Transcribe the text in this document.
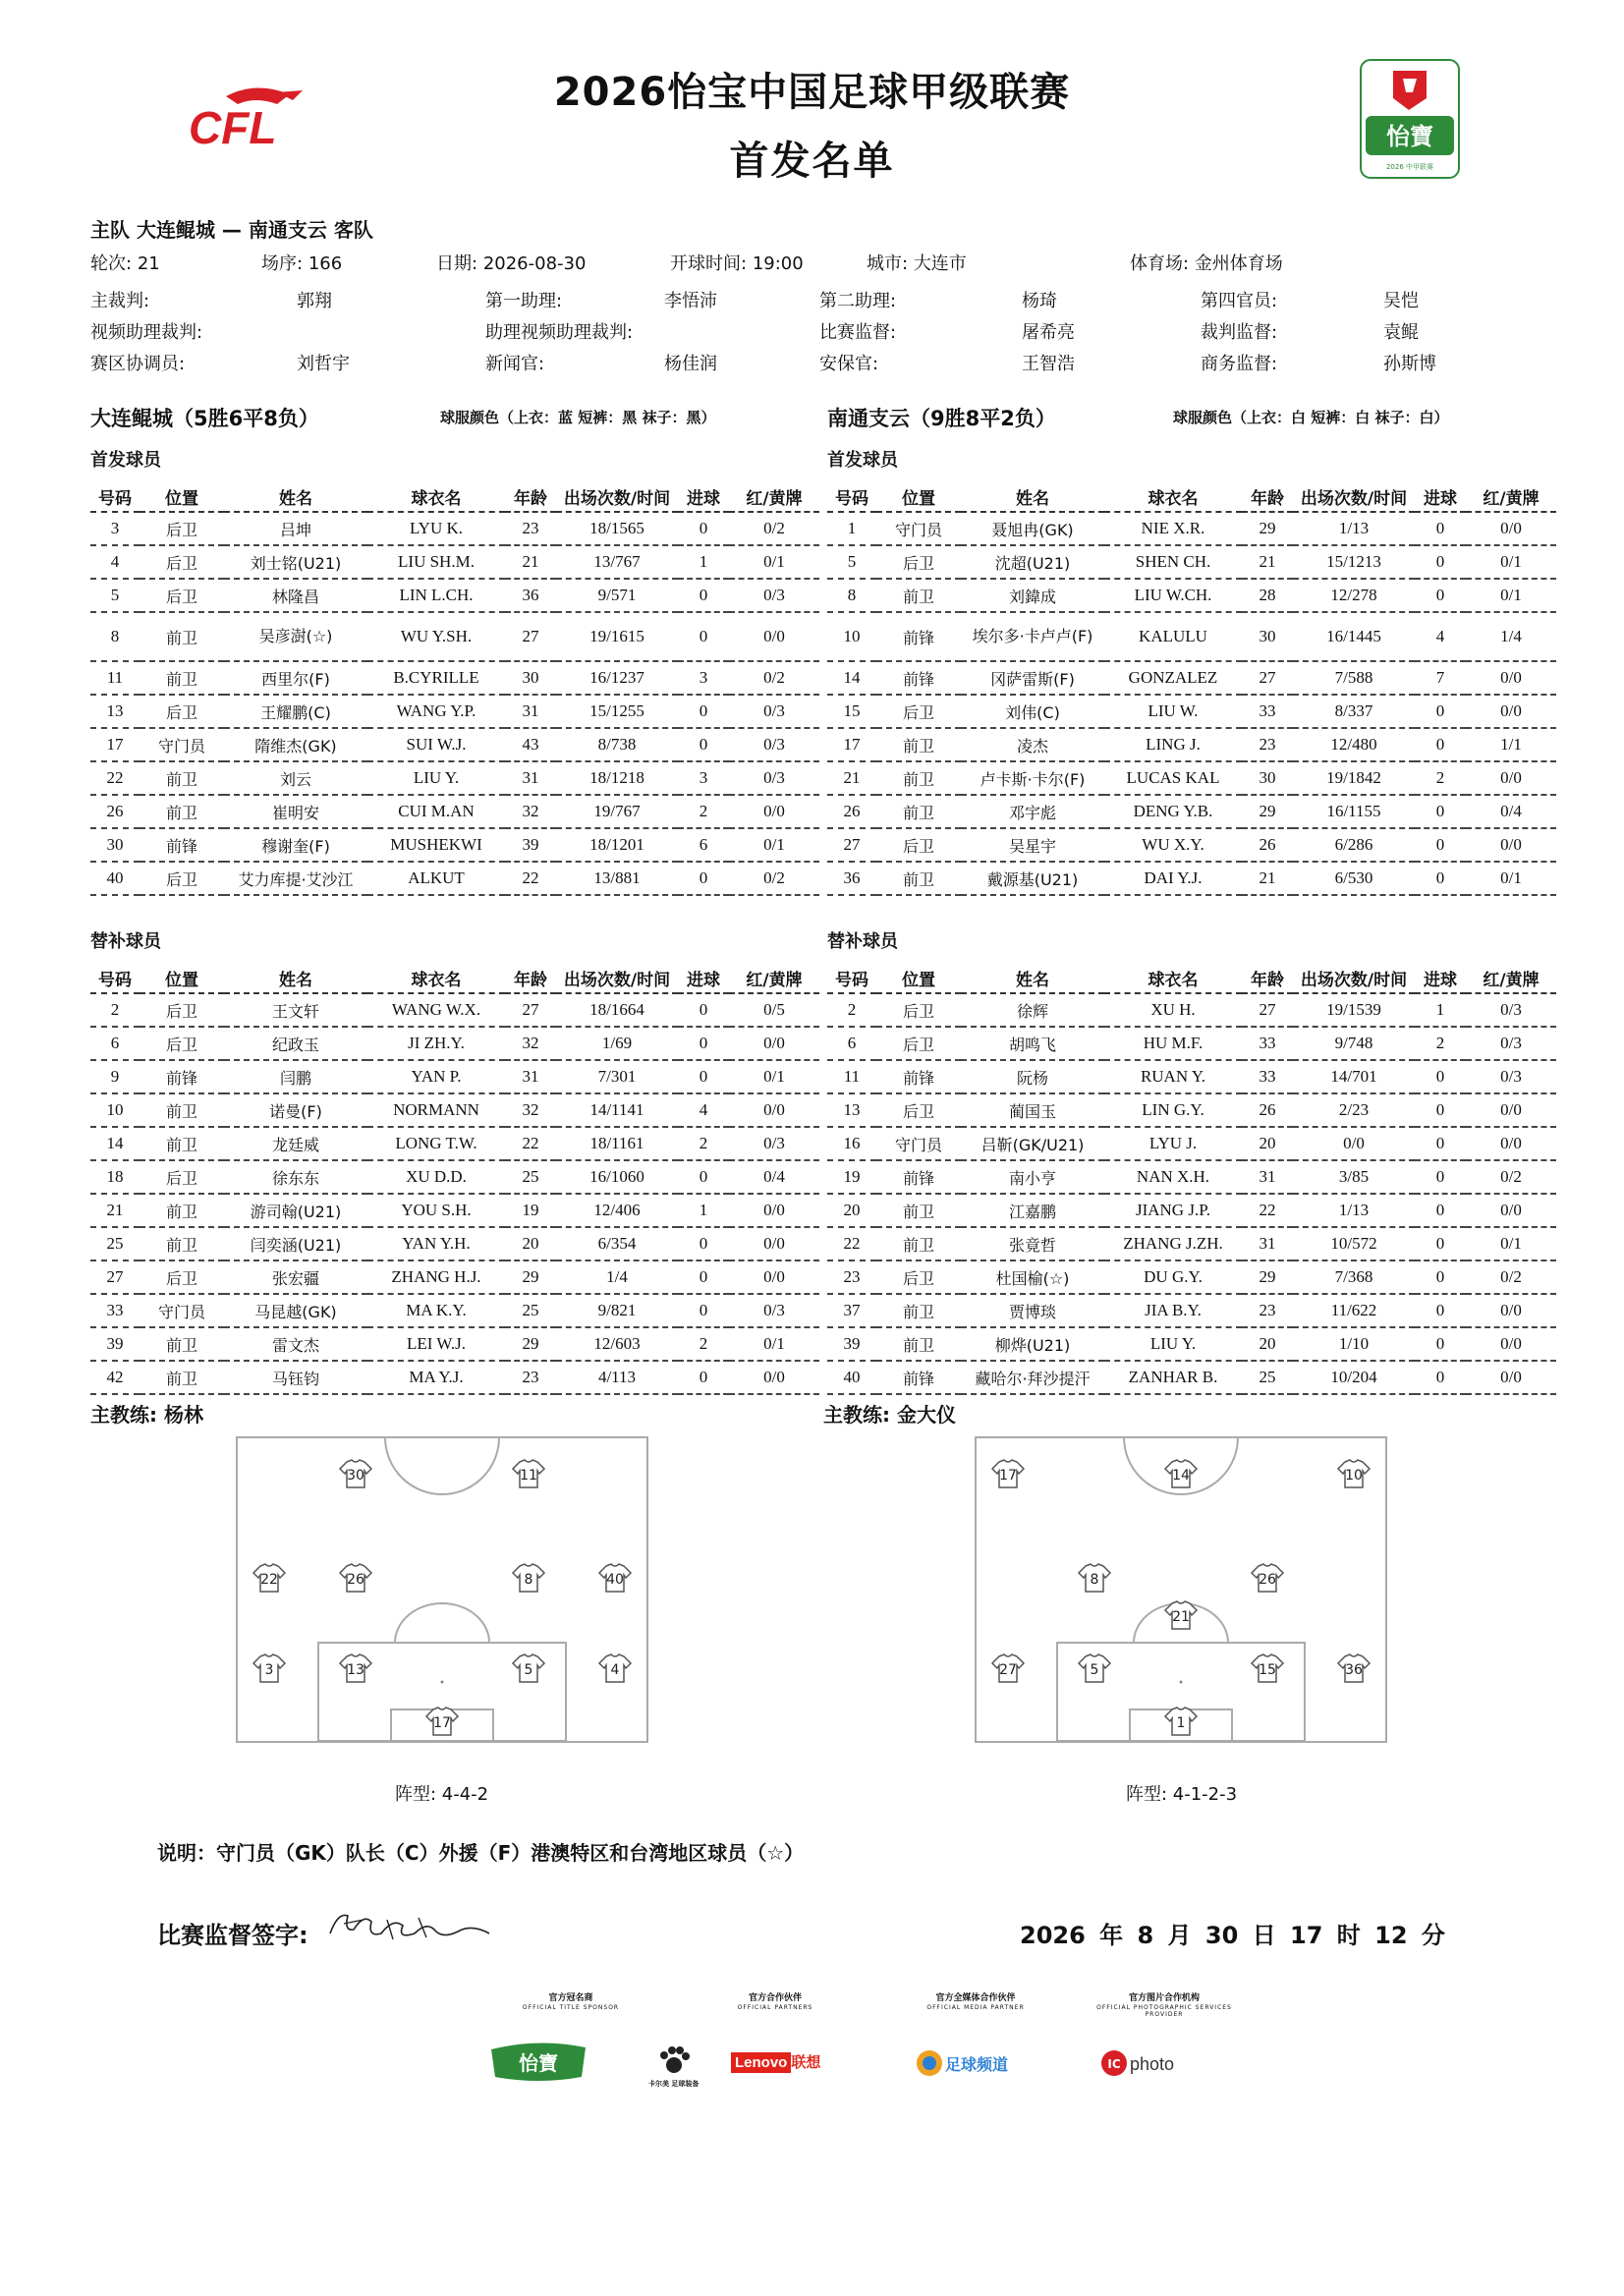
CFL
2026怡宝中国足球甲级联赛
首发名单
怡寶
2026 中甲联赛
主队 大连鲲城 — 南通支云 客队
轮次: 21	场序: 166	日期: 2026-08-30	开球时间: 19:00	城市: 大连市	体育场: 金州体育场
主裁判:	郭翔	第一助理:	李悟沛	第二助理:	杨琦	第四官员:	吴恺
视频助理裁判:	助理视频助理裁判:	比赛监督:	屠希亮	裁判监督:	袁鲲
赛区协调员:	刘哲宇	新闻官:	杨佳润	安保官:	王智浩	商务监督:	孙斯博
大连鲲城（5胜6平8负）	球服颜色（上衣：蓝 短裤：黑 袜子：黑）	南通支云（9胜8平2负）	球服颜色（上衣：白 短裤：白 袜子：白）
首发球员	首发球员
号码	位置	姓名	球衣名	年龄	出场次数/时间	进球	红/黄牌
3	后卫	吕坤	LYU K.	23	18/1565	0	0/2
4	后卫	刘士铭(U21)	LIU SH.M.	21	13/767	1	0/1
5	后卫	林隆昌	LIN L.CH.	36	9/571	0	0/3
8	前卫	吴彦澍(☆)	WU Y.SH.	27	19/1615	0	0/0
11	前卫	西里尔(F)	B.CYRILLE	30	16/1237	3	0/2
13	后卫	王耀鹏(C)	WANG Y.P.	31	15/1255	0	0/3
17	守门员	隋维杰(GK)	SUI W.J.	43	8/738	0	0/3
22	前卫	刘云	LIU Y.	31	18/1218	3	0/3
26	前卫	崔明安	CUI M.AN	32	19/767	2	0/0
30	前锋	穆谢奎(F)	MUSHEKWI	39	18/1201	6	0/1
40	后卫	艾力库提·艾沙江	ALKUT	22	13/881	0	0/2
号码	位置	姓名	球衣名	年龄	出场次数/时间	进球	红/黄牌
1	守门员	聂旭冉(GK)	NIE X.R.	29	1/13	0	0/0
5	后卫	沈超(U21)	SHEN CH.	21	15/1213	0	0/1
8	前卫	刘鍏成	LIU W.CH.	28	12/278	0	0/1
10	前锋	埃尔多·卡卢卢(F)	KALULU	30	16/1445	4	1/4
14	前锋	冈萨雷斯(F)	GONZALEZ	27	7/588	7	0/0
15	后卫	刘伟(C)	LIU W.	33	8/337	0	0/0
17	前卫	凌杰	LING J.	23	12/480	0	1/1
21	前卫	卢卡斯·卡尔(F)	LUCAS KAL	30	19/1842	2	0/0
26	前卫	邓宇彪	DENG Y.B.	29	16/1155	0	0/4
27	后卫	吴星宇	WU X.Y.	26	6/286	0	0/0
36	前卫	戴源基(U21)	DAI Y.J.	21	6/530	0	0/1
号码	位置	姓名	球衣名	年龄	出场次数/时间	进球	红/黄牌
2	后卫	王文轩	WANG W.X.	27	18/1664	0	0/5
6	后卫	纪政玉	JI ZH.Y.	32	1/69	0	0/0
9	前锋	闫鹏	YAN P.	31	7/301	0	0/1
10	前卫	诺曼(F)	NORMANN	32	14/1141	4	0/0
14	前卫	龙廷威	LONG T.W.	22	18/1161	2	0/3
18	后卫	徐东东	XU D.D.	25	16/1060	0	0/4
21	前卫	游司翰(U21)	YOU S.H.	19	12/406	1	0/0
25	前卫	闫奕涵(U21)	YAN Y.H.	20	6/354	0	0/0
27	后卫	张宏疆	ZHANG H.J.	29	1/4	0	0/0
33	守门员	马昆越(GK)	MA K.Y.	25	9/821	0	0/3
39	前卫	雷文杰	LEI W.J.	29	12/603	2	0/1
42	前卫	马钰钧	MA Y.J.	23	4/113	0	0/0
号码	位置	姓名	球衣名	年龄	出场次数/时间	进球	红/黄牌
2	后卫	徐辉	XU H.	27	19/1539	1	0/3
6	后卫	胡鸣飞	HU M.F.	33	9/748	2	0/3
11	前锋	阮杨	RUAN Y.	33	14/701	0	0/3
13	后卫	蔺国玉	LIN G.Y.	26	2/23	0	0/0
16	守门员	吕靳(GK/U21)	LYU J.	20	0/0	0	0/0
19	前锋	南小亨	NAN X.H.	31	3/85	0	0/2
20	前卫	江嘉鹏	JIANG J.P.	22	1/13	0	0/0
22	前卫	张竟哲	ZHANG J.ZH.	31	10/572	0	0/1
23	后卫	杜国榆(☆)	DU G.Y.	29	7/368	0	0/2
37	前卫	贾博琰	JIA B.Y.	23	11/622	0	0/0
39	前卫	柳烨(U21)	LIU Y.	20	1/10	0	0/0
40	前锋	藏哈尔·拜沙提汗	ZANHAR B.	25	10/204	0	0/0
替补球员	替补球员
主教练: 杨林	主教练: 金大仪
30	11
22	26	8	40
3	13	5	4
17
17	14	10
8	26
21
27	5	15	36
1
阵型: 4-4-2	阵型: 4-1-2-3
说明：守门员（GK）队长（C）外援（F）港澳特区和台湾地区球员（☆）
比赛监督签字:	2026 年 8 月 30 日 17 时 12 分
官方冠名商
OFFICIAL TITLE SPONSOR
官方合作伙伴
OFFICIAL PARTNERS
官方全媒体合作伙伴
OFFICIAL MEDIA PARTNER
官方图片合作机构
OFFICIAL PHOTOGRAPHIC SERVICES PROVIDER
怡寶
卡尔美 足球装备
Lenovo 联想	足球频道	IC photo
